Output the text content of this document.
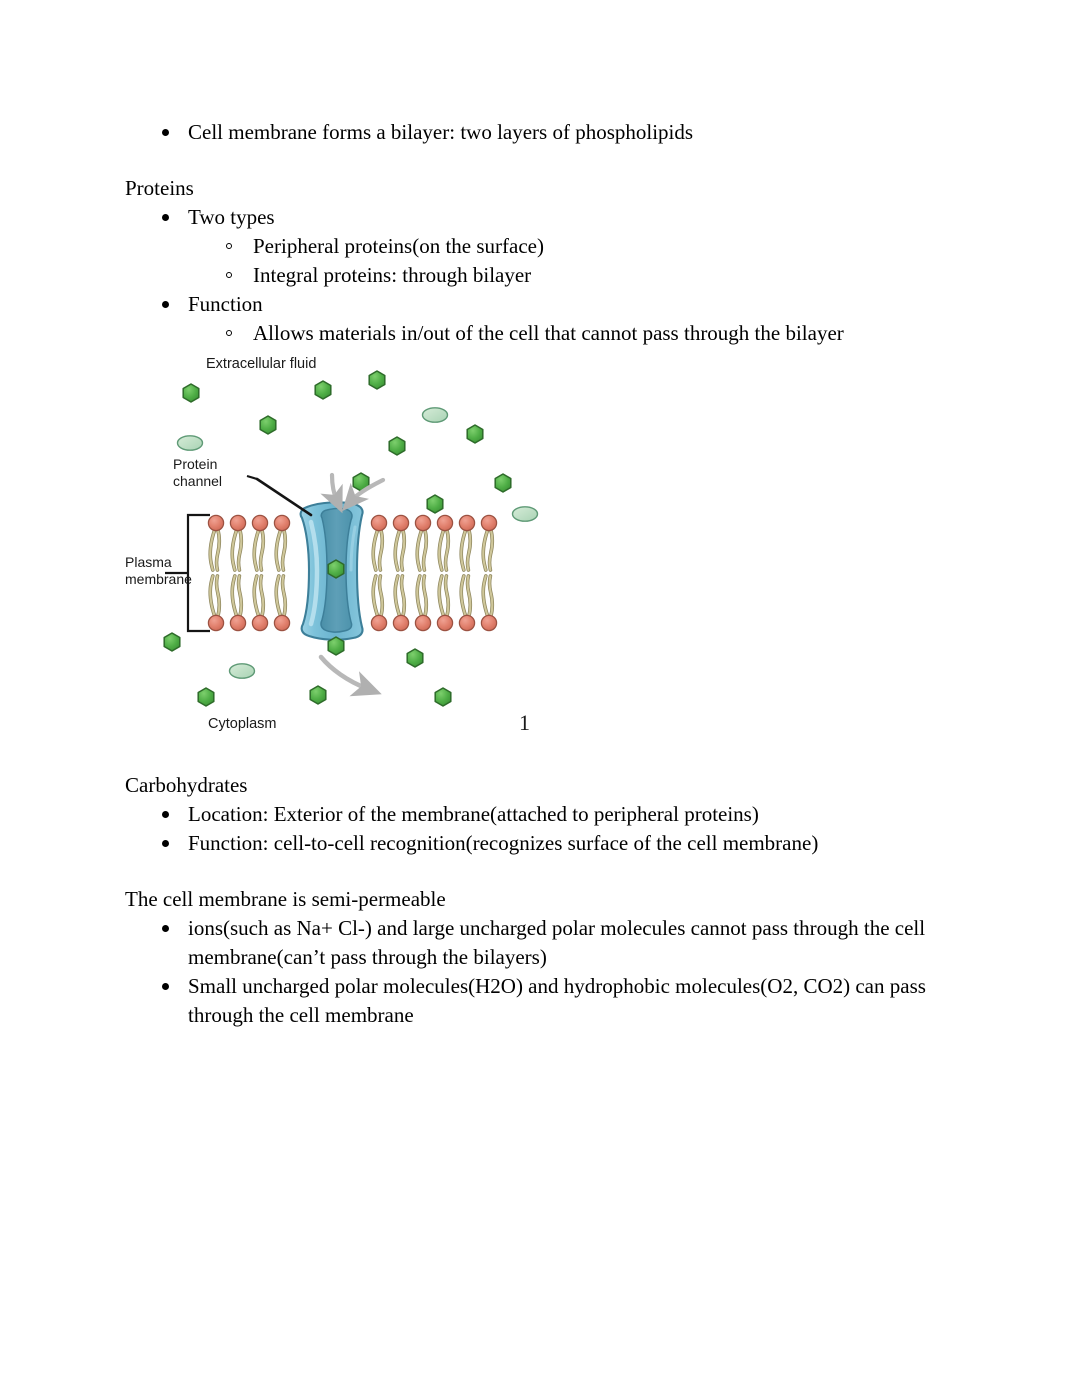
Cell membrane forms a bilayer: two layers of phospholipids

Proteins

Two types
Peripheral proteins(on the surface)
Integral proteins: through bilayer
Function
Allows materials in/out of the cell that cannot pass through the bilayer
Extracellular fluid
Protein
channel
Plasma
membrane
Cytoplasm	1

Carbohydrates

Location: Exterior of the membrane(attached to peripheral proteins)
Function: cell-to-cell recognition(recognizes surface of the cell membrane)

The cell membrane is semi-permeable

ions(such as Na+ Cl-) and large uncharged polar molecules cannot pass through the cell membrane(can’t pass through the bilayers)
Small uncharged polar molecules(H2O) and hydrophobic molecules(O2, CO2) can pass through the cell membrane
